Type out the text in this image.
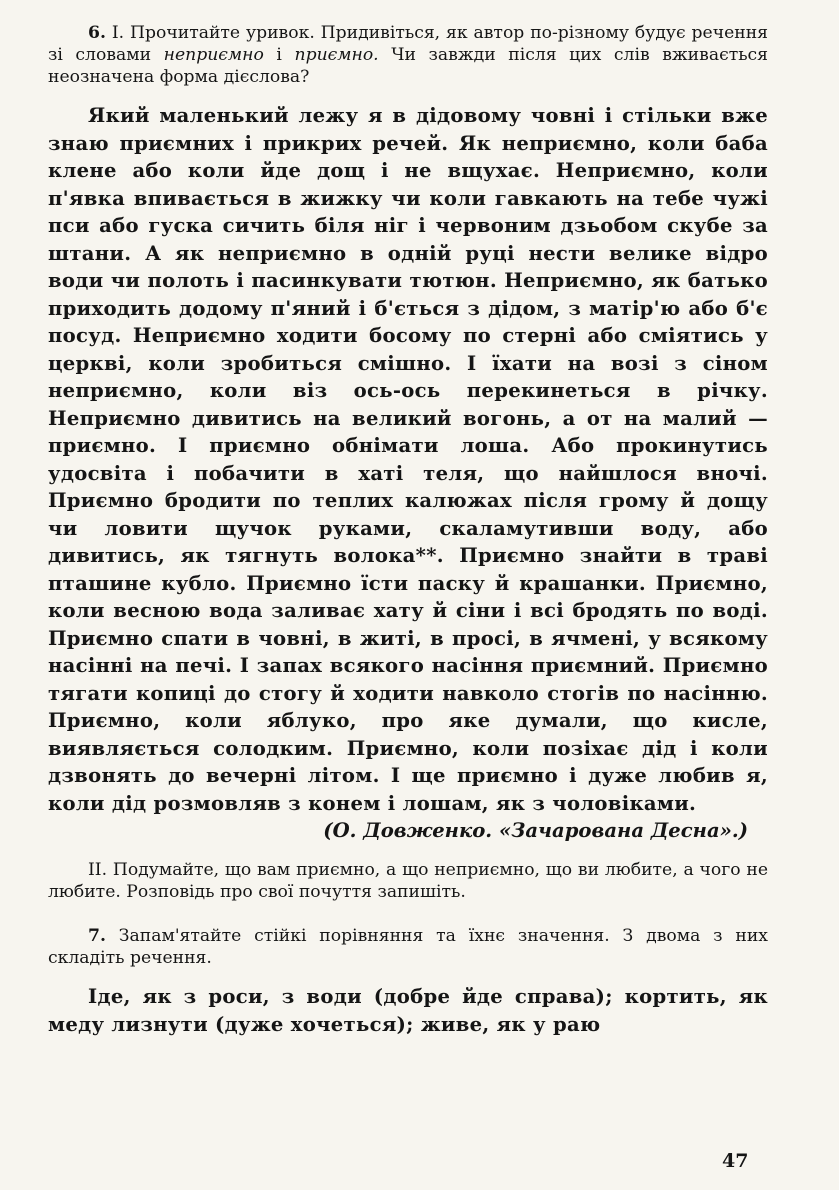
6. I. Прочитайте уривок. Придивіться, як автор по-різному будує речення зі словами неприємно і приємно. Чи завжди після цих слів вживається неозначена форма дієслова?

Який маленький лежу я в дідовому човні і стільки вже знаю приємних і прикрих речей. Як неприємно, коли баба клене або коли йде дощ і не вщухає. Неприємно, коли п'явка впивається в жижку чи коли гавкають на тебе чужі пси або гуска сичить біля ніг і червоним дзьобом скубе за штани. А як неприємно в одній руці нести велике відро води чи полоть і пасинкувати тютюн. Неприємно, як батько приходить додому п'яний і б'ється з дідом, з матір'ю або б'є посуд. Неприємно ходити босому по стерні або сміятись у церкві, коли зробиться смішно. І їхати на возі з сіном неприємно, коли віз ось-ось перекинеться в річку. Неприємно дивитись на великий вогонь, а от на малий — приємно. І приємно обнімати лоша. Або прокинутись удосвіта і побачити в хаті теля, що найшлося вночі. Приємно бродити по теплих калюжах після грому й дощу чи ловити щучок руками, скаламутивши воду, або дивитись, як тягнуть волока**. Приємно знайти в траві пташине кубло. Приємно їсти паску й крашанки. Приємно, коли весною вода заливає хату й сіни і всі бродять по воді. Приємно спати в човні, в житі, в просі, в ячмені, у всякому насінні на печі. І запах всякого насіння приємний. Приємно тягати копиці до стогу й ходити навколо стогів по насінню. Приємно, коли яблуко, про яке думали, що кисле, виявляється солодким. Приємно, коли позіхає дід і коли дзвонять до вечерні літом. І ще приємно і дуже любив я, коли дід розмовляв з конем і лошам, як з чоловіками.

(О. Довженко. «Зачарована Десна».)

II. Подумайте, що вам приємно, а що неприємно, що ви любите, а чого не любите. Розповідь про свої почуття запишіть.

7. Запам'ятайте стійкі порівняння та їхнє значення. З двома з них складіть речення.

Іде, як з роси, з води (добре йде справа); кортить, як меду лизнути (дуже хочеться); живе, як у раю

47
